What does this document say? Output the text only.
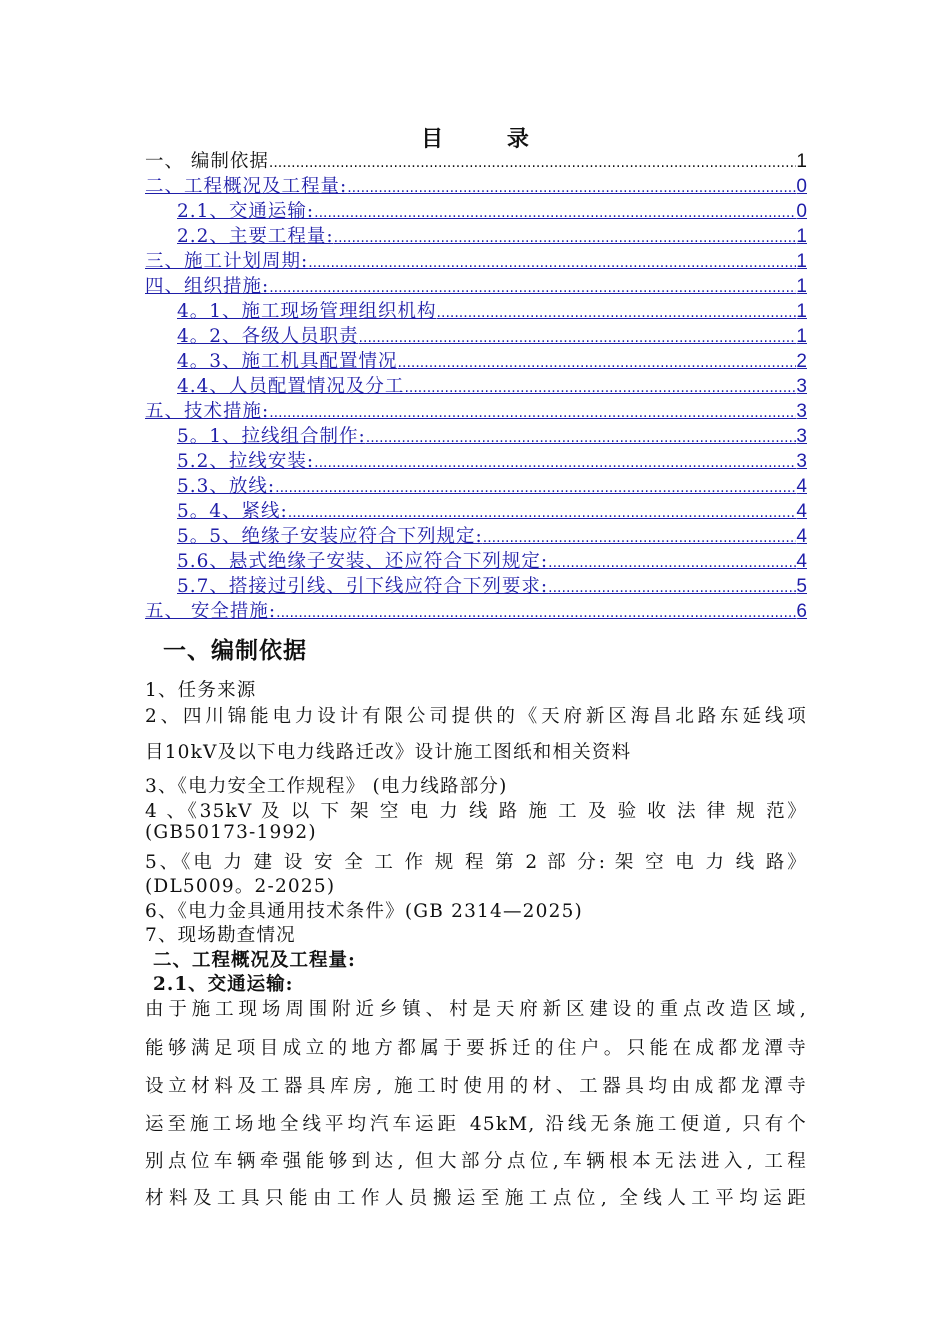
目 录
一、 编制依据 .....	1
二、工程概况及工程量: .....	0
2.1、交通运输: .....	0
2.2、主要工程量: .....	1
三、施工计划周期: .....	1
四、组织措施: .....	1
4。1、施工现场管理组织机构 .....	1
4。2、各级人员职责 .....	1
4。3、施工机具配置情况 .....	2
4.4、人员配置情况及分工 .....	3
五、技术措施: .....	3
5。1、拉线组合制作: .....	3
5.2、拉线安装: .....	3
5.3、放线: .....	4
5。4、紧线: .....	4
5。5、绝缘子安装应符合下列规定: .....	4
5.6、悬式绝缘子安装、还应符合下列规定: .....	4
5.7、搭接过引线、引下线应符合下列要求: .....	5
五、 安全措施: .....	6
一、编制依据
1、任务来源
2、四川锦能电力设计有限公司提供的《天府新区海昌北路东延线项
目10kV及以下电力线路迁改》设计施工图纸和相关资料
3、《电力安全工作规程》 (电力线路部分)
4 、《35kV 及 以 下 架 空 电 力 线 路 施 工 及 验 收 法 律 规 范》
(GB50173-1992)
5、《电 力 建 设 安 全 工 作 规 程 第 2 部 分: 架 空 电 力 线 路》
(DL5009。2-2025)
6、《电力金具通用技术条件》(GB 2314—2025)
7、现场勘查情况
二、工程概况及工程量:
2.1、交通运输:
由于施工现场周围附近乡镇、村是天府新区建设的重点改造区域,
能够满足项目成立的地方都属于要拆迁的住户。只能在成都龙潭寺
设立材料及工器具库房, 施工时使用的材、工器具均由成都龙潭寺
运至施工场地全线平均汽车运距 45kM, 沿线无条施工便道, 只有个
别点位车辆牵强能够到达, 但大部分点位,车辆根本无法进入, 工程
材料及工具只能由工作人员搬运至施工点位, 全线人工平均运距
